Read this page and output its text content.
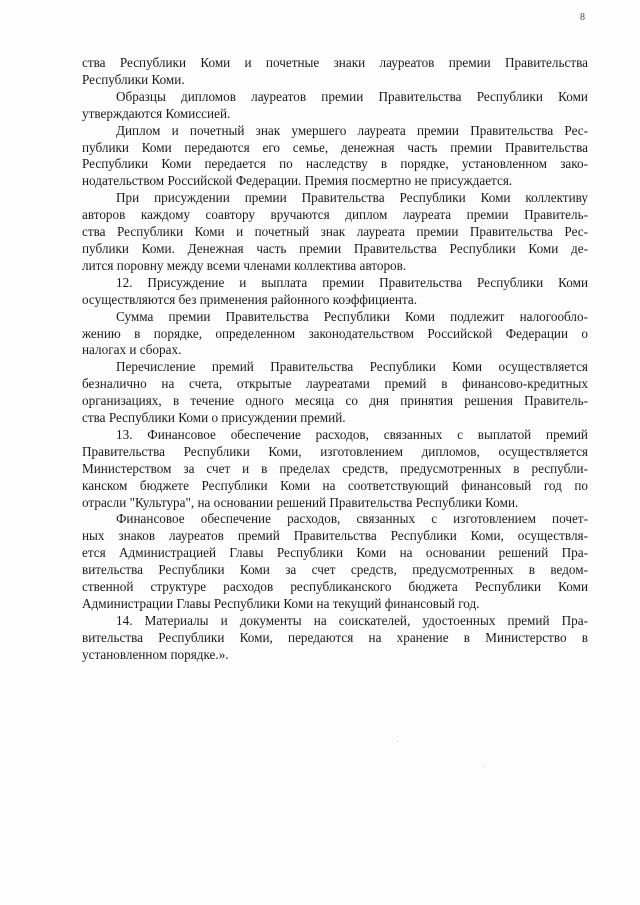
8
ства Республики Коми и почетные знаки лауреатов премии Правительства
Республики Коми.
Образцы дипломов лауреатов премии Правительства Республики Коми
утверждаются Комиссией.
Диплом и почетный знак умершего лауреата премии Правительства Рес-
публики Коми передаются его семье, денежная часть премии Правительства
Республики Коми передается по наследству в порядке, установленном зако-
нодательством Российской Федерации. Премия посмертно не присуждается.
При присуждении премии Правительства Республики Коми коллективу
авторов каждому соавтору вручаются диплом лауреата премии Правитель-
ства Республики Коми и почетный знак лауреата премии Правительства Рес-
публики Коми. Денежная часть премии Правительства Республики Коми де-
лится поровну между всеми членами коллектива авторов.
12. Присуждение и выплата премии Правительства Республики Коми
осуществляются без применения районного коэффициента.
Сумма премии Правительства Республики Коми подлежит налогообло-
жению в порядке, определенном законодательством Российской Федерации о
налогах и сборах.
Перечисление премий Правительства Республики Коми осуществляется
безналично на счета, открытые лауреатами премий в финансово-кредитных
организациях, в течение одного месяца со дня принятия решения Правитель-
ства Республики Коми о присуждении премий.
13. Финансовое обеспечение расходов, связанных с выплатой премий
Правительства Республики Коми, изготовлением дипломов, осуществляется
Министерством за счет и в пределах средств, предусмотренных в республи-
канском бюджете Республики Коми на соответствующий финансовый год по
отрасли "Культура", на основании решений Правительства Республики Коми.
Финансовое обеспечение расходов, связанных с изготовлением почет-
ных знаков лауреатов премий Правительства Республики Коми, осуществля-
ется Администрацией Главы Республики Коми на основании решений Пра-
вительства Республики Коми за счет средств, предусмотренных в ведом-
ственной структуре расходов республиканского бюджета Республики Коми
Администрации Главы Республики Коми на текущий финансовый год.
14. Материалы и документы на соискателей, удостоенных премий Пра-
вительства Республики Коми, передаются на хранение в Министерство в
установленном порядке.».
